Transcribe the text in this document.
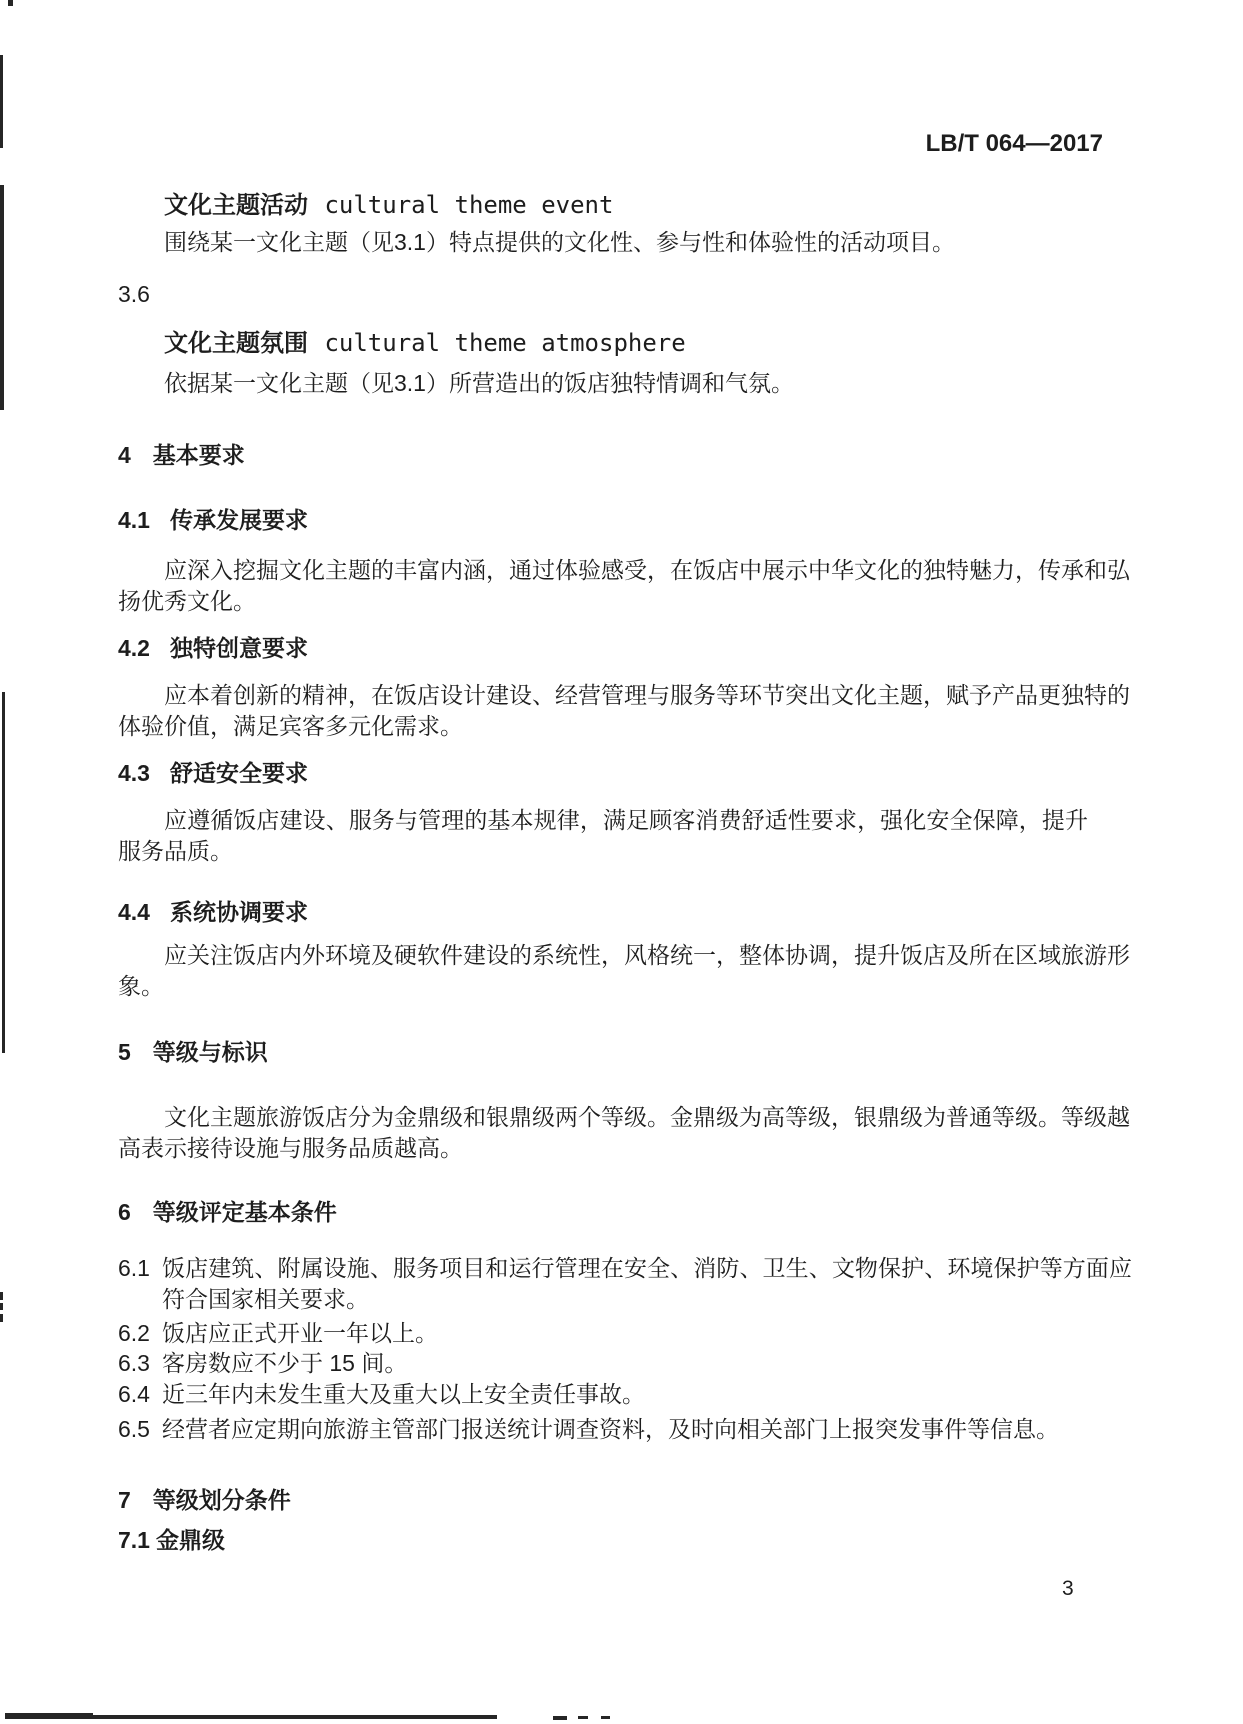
LB/T 064—2017
文化主题活动 cultural theme event
围绕某一文化主题（见3.1）特点提供的文化性、参与性和体验性的活动项目。
3.6
文化主题氛围 cultural theme atmosphere
依据某一文化主题（见3.1）所营造出的饭店独特情调和气氛。
4 基本要求
4.1 传承发展要求
应深入挖掘文化主题的丰富内涵，通过体验感受，在饭店中展示中华文化的独特魅力，传承和弘扬优秀文化。
4.2 独特创意要求
应本着创新的精神，在饭店设计建设、经营管理与服务等环节突出文化主题，赋予产品更独特的体验价值，满足宾客多元化需求。
4.3 舒适安全要求
应遵循饭店建设、服务与管理的基本规律，满足顾客消费舒适性要求，强化安全保障，提升服务品质。
4.4 系统协调要求
应关注饭店内外环境及硬软件建设的系统性，风格统一，整体协调，提升饭店及所在区域旅游形象。
5 等级与标识
文化主题旅游饭店分为金鼎级和银鼎级两个等级。金鼎级为高等级，银鼎级为普通等级。等级越高表示接待设施与服务品质越高。
6 等级评定基本条件
6.1 饭店建筑、附属设施、服务项目和运行管理在安全、消防、卫生、文物保护、环境保护等方面应符合国家相关要求。
6.2 饭店应正式开业一年以上。
6.3 客房数应不少于 15 间。
6.4 近三年内未发生重大及重大以上安全责任事故。
6.5 经营者应定期向旅游主管部门报送统计调查资料，及时向相关部门上报突发事件等信息。
7 等级划分条件
7.1 金鼎级
3
